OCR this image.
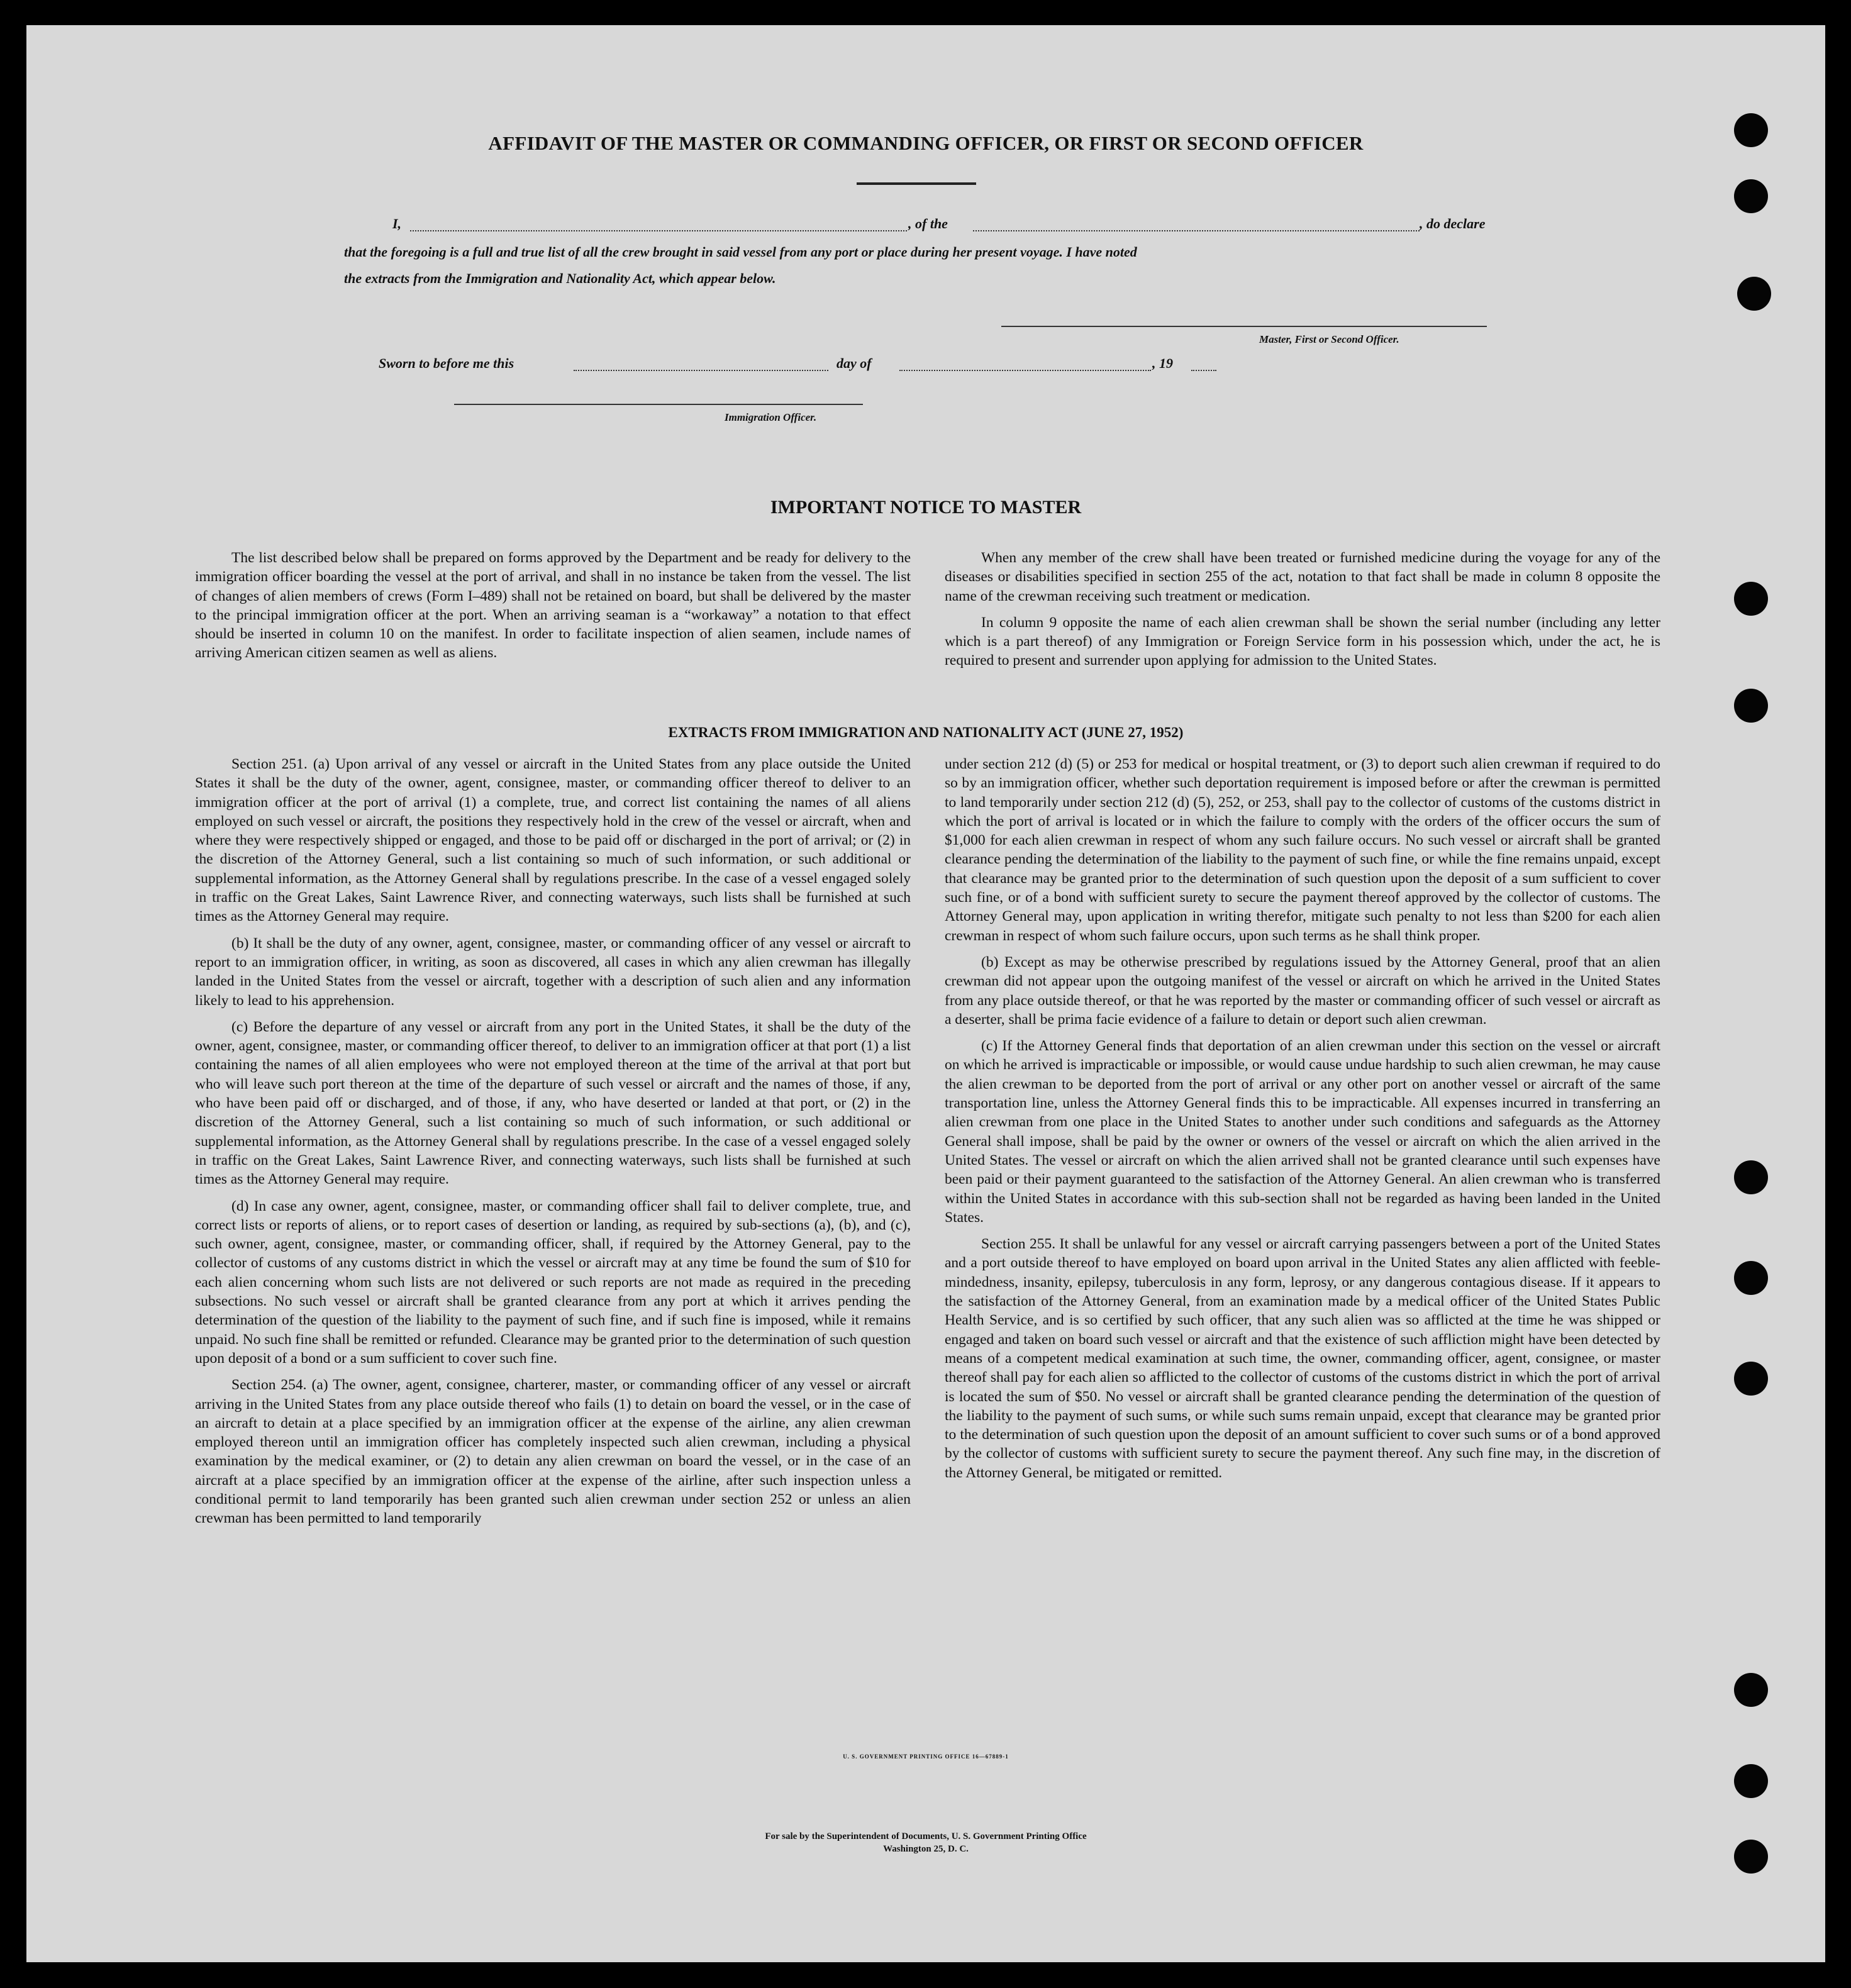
AFFIDAVIT OF THE MASTER OR COMMANDING OFFICER, OR FIRST OR SECOND OFFICER
I,	, of the	, do declare
that the foregoing is a full and true list of all the crew brought in said vessel from any port or place during her present voyage. I have noted
the extracts from the Immigration and Nationality Act, which appear below.
Master, First or Second Officer.
Sworn to before me this	day of	, 19
Immigration Officer.
IMPORTANT NOTICE TO MASTER

The list described below shall be prepared on forms approved by the Department and be ready for delivery to the immigration officer boarding the vessel at the port of arrival, and shall in no instance be taken from the vessel. The list of changes of alien members of crews (Form I–489) shall not be retained on board, but shall be delivered by the master to the principal immigration officer at the port. When an arriving seaman is a “workaway” a notation to that effect should be inserted in column 10 on the manifest. In order to facilitate inspection of alien seamen, include names of arriving American citizen seamen as well as aliens.

When any member of the crew shall have been treated or furnished medicine during the voyage for any of the diseases or disabilities specified in section 255 of the act, notation to that fact shall be made in column 8 opposite the name of the crewman receiving such treatment or medication.

In column 9 opposite the name of each alien crewman shall be shown the serial number (including any letter which is a part thereof) of any Immigration or Foreign Service form in his possession which, under the act, he is required to present and surrender upon applying for admission to the United States.

EXTRACTS FROM IMMIGRATION AND NATIONALITY ACT (JUNE 27, 1952)

Section 251. (a) Upon arrival of any vessel or aircraft in the United States from any place outside the United States it shall be the duty of the owner, agent, consignee, master, or commanding officer thereof to deliver to an immigration officer at the port of arrival (1) a complete, true, and correct list containing the names of all aliens employed on such vessel or aircraft, the positions they respectively hold in the crew of the vessel or aircraft, when and where they were respectively shipped or engaged, and those to be paid off or discharged in the port of arrival; or (2) in the discretion of the Attorney General, such a list containing so much of such information, or such additional or supplemental information, as the Attorney General shall by regulations prescribe. In the case of a vessel engaged solely in traffic on the Great Lakes, Saint Lawrence River, and connecting waterways, such lists shall be furnished at such times as the Attorney General may require.

(b) It shall be the duty of any owner, agent, consignee, master, or commanding officer of any vessel or aircraft to report to an immigration officer, in writing, as soon as discovered, all cases in which any alien crewman has illegally landed in the United States from the vessel or aircraft, together with a description of such alien and any information likely to lead to his apprehension.

(c) Before the departure of any vessel or aircraft from any port in the United States, it shall be the duty of the owner, agent, consignee, master, or commanding officer thereof, to deliver to an immigration officer at that port (1) a list containing the names of all alien employees who were not employed thereon at the time of the arrival at that port but who will leave such port thereon at the time of the departure of such vessel or aircraft and the names of those, if any, who have been paid off or discharged, and of those, if any, who have deserted or landed at that port, or (2) in the discretion of the Attorney General, such a list containing so much of such information, or such additional or supplemental information, as the Attorney General shall by regulations prescribe. In the case of a vessel engaged solely in traffic on the Great Lakes, Saint Lawrence River, and connecting waterways, such lists shall be furnished at such times as the Attorney General may require.

(d) In case any owner, agent, consignee, master, or commanding officer shall fail to deliver complete, true, and correct lists or reports of aliens, or to report cases of desertion or landing, as required by sub-sections (a), (b), and (c), such owner, agent, consignee, master, or commanding officer, shall, if required by the Attorney General, pay to the collector of customs of any customs district in which the vessel or aircraft may at any time be found the sum of $10 for each alien concerning whom such lists are not delivered or such reports are not made as required in the preceding subsections. No such vessel or aircraft shall be granted clearance from any port at which it arrives pending the determination of the question of the liability to the payment of such fine, and if such fine is imposed, while it remains unpaid. No such fine shall be remitted or refunded. Clearance may be granted prior to the determination of such question upon deposit of a bond or a sum sufficient to cover such fine.

Section 254. (a) The owner, agent, consignee, charterer, master, or commanding officer of any vessel or aircraft arriving in the United States from any place outside thereof who fails (1) to detain on board the vessel, or in the case of an aircraft to detain at a place specified by an immigration officer at the expense of the airline, any alien crewman employed thereon until an immigration officer has completely inspected such alien crewman, including a physical examination by the medical examiner, or (2) to detain any alien crewman on board the vessel, or in the case of an aircraft at a place specified by an immigration officer at the expense of the airline, after such inspection unless a conditional permit to land temporarily has been granted such alien crewman under section 252 or unless an alien crewman has been permitted to land temporarily

under section 212 (d) (5) or 253 for medical or hospital treatment, or (3) to deport such alien crewman if required to do so by an immigration officer, whether such deportation requirement is imposed before or after the crewman is permitted to land temporarily under section 212 (d) (5), 252, or 253, shall pay to the collector of customs of the customs district in which the port of arrival is located or in which the failure to comply with the orders of the officer occurs the sum of $1,000 for each alien crewman in respect of whom any such failure occurs. No such vessel or aircraft shall be granted clearance pending the determination of the liability to the payment of such fine, or while the fine remains unpaid, except that clearance may be granted prior to the determination of such question upon the deposit of a sum sufficient to cover such fine, or of a bond with sufficient surety to secure the payment thereof approved by the collector of customs. The Attorney General may, upon application in writing therefor, mitigate such penalty to not less than $200 for each alien crewman in respect of whom such failure occurs, upon such terms as he shall think proper.

(b) Except as may be otherwise prescribed by regulations issued by the Attorney General, proof that an alien crewman did not appear upon the outgoing manifest of the vessel or aircraft on which he arrived in the United States from any place outside thereof, or that he was reported by the master or commanding officer of such vessel or aircraft as a deserter, shall be prima facie evidence of a failure to detain or deport such alien crewman.

(c) If the Attorney General finds that deportation of an alien crewman under this section on the vessel or aircraft on which he arrived is impracticable or impossible, or would cause undue hardship to such alien crewman, he may cause the alien crewman to be deported from the port of arrival or any other port on another vessel or aircraft of the same transportation line, unless the Attorney General finds this to be impracticable. All expenses incurred in transferring an alien crewman from one place in the United States to another under such conditions and safeguards as the Attorney General shall impose, shall be paid by the owner or owners of the vessel or aircraft on which the alien arrived in the United States. The vessel or aircraft on which the alien arrived shall not be granted clearance until such expenses have been paid or their payment guaranteed to the satisfaction of the Attorney General. An alien crewman who is transferred within the United States in accordance with this sub-section shall not be regarded as having been landed in the United States.

Section 255. It shall be unlawful for any vessel or aircraft carrying passengers between a port of the United States and a port outside thereof to have employed on board upon arrival in the United States any alien afflicted with feeble-mindedness, insanity, epilepsy, tuberculosis in any form, leprosy, or any dangerous contagious disease. If it appears to the satisfaction of the Attorney General, from an examination made by a medical officer of the United States Public Health Service, and is so certified by such officer, that any such alien was so afflicted at the time he was shipped or engaged and taken on board such vessel or aircraft and that the existence of such affliction might have been detected by means of a competent medical examination at such time, the owner, commanding officer, agent, consignee, or master thereof shall pay for each alien so afflicted to the collector of customs of the customs district in which the port of arrival is located the sum of $50. No vessel or aircraft shall be granted clearance pending the determination of the question of the liability to the payment of such sums, or while such sums remain unpaid, except that clearance may be granted prior to the determination of such question upon the deposit of an amount sufficient to cover such sums or of a bond approved by the collector of customs with sufficient surety to secure the payment thereof. Any such fine may, in the discretion of the Attorney General, be mitigated or remitted.

U. S. GOVERNMENT PRINTING OFFICE 16—67889-1
For sale by the Superintendent of Documents, U. S. Government Printing Office
Washington 25, D. C.
